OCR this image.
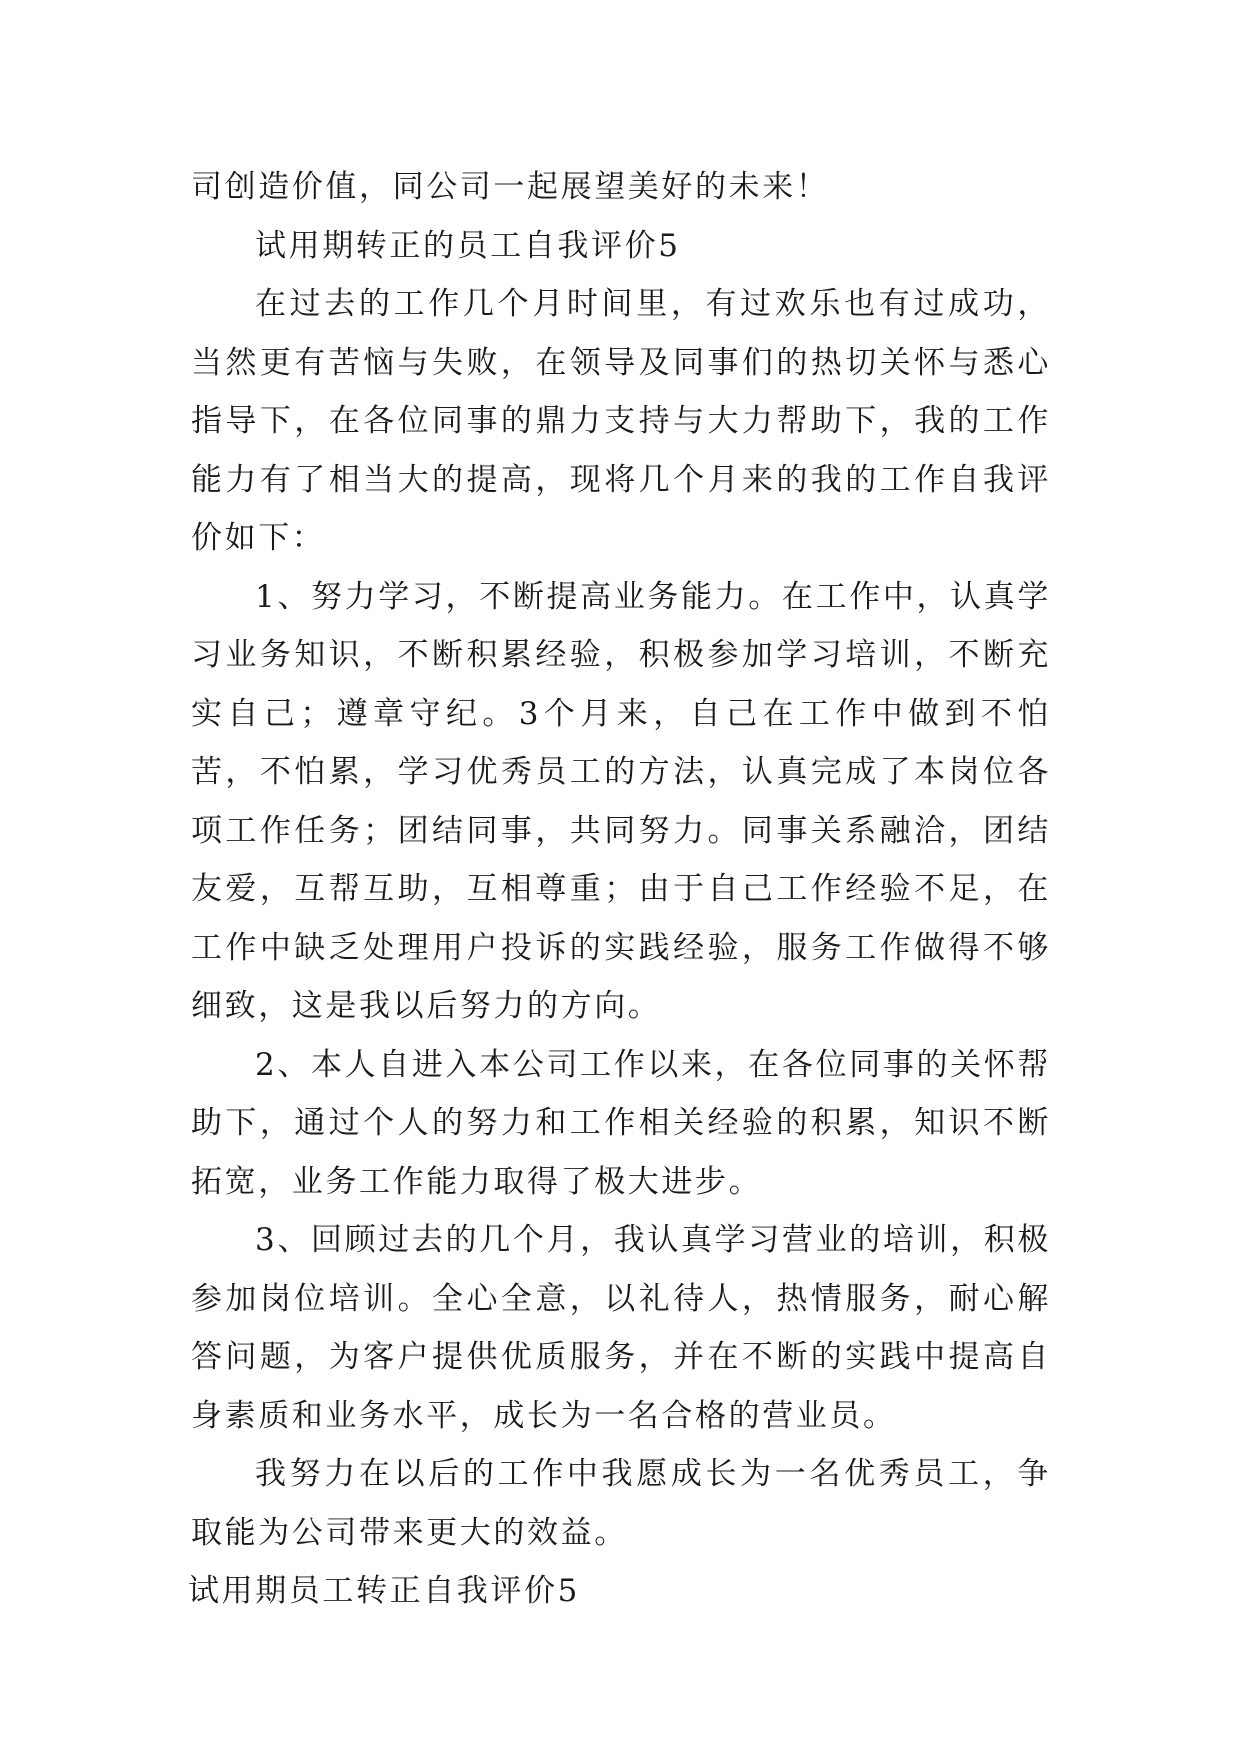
司创造价值，同公司一起展望美好的未来！

试用期转正的员工自我评价5

在过去的工作几个月时间里，有过欢乐也有过成功，当然更有苦恼与失败，在领导及同事们的热切关怀与悉心指导下，在各位同事的鼎力支持与大力帮助下，我的工作能力有了相当大的提高，现将几个月来的我的工作自我评价如下：

1、努力学习，不断提高业务能力。在工作中，认真学习业务知识，不断积累经验，积极参加学习培训，不断充实自己；遵章守纪。3个月来，自己在工作中做到不怕苦，不怕累，学习优秀员工的方法，认真完成了本岗位各项工作任务；团结同事，共同努力。同事关系融洽，团结友爱，互帮互助，互相尊重；由于自己工作经验不足，在工作中缺乏处理用户投诉的实践经验，服务工作做得不够细致，这是我以后努力的方向。

2、本人自进入本公司工作以来，在各位同事的关怀帮助下，通过个人的努力和工作相关经验的积累，知识不断拓宽，业务工作能力取得了极大进步。

3、回顾过去的几个月，我认真学习营业的培训，积极参加岗位培训。全心全意，以礼待人，热情服务，耐心解答问题，为客户提供优质服务，并在不断的实践中提高自身素质和业务水平，成长为一名合格的营业员。

我努力在以后的工作中我愿成长为一名优秀员工，争取能为公司带来更大的效益。

试用期员工转正自我评价5
